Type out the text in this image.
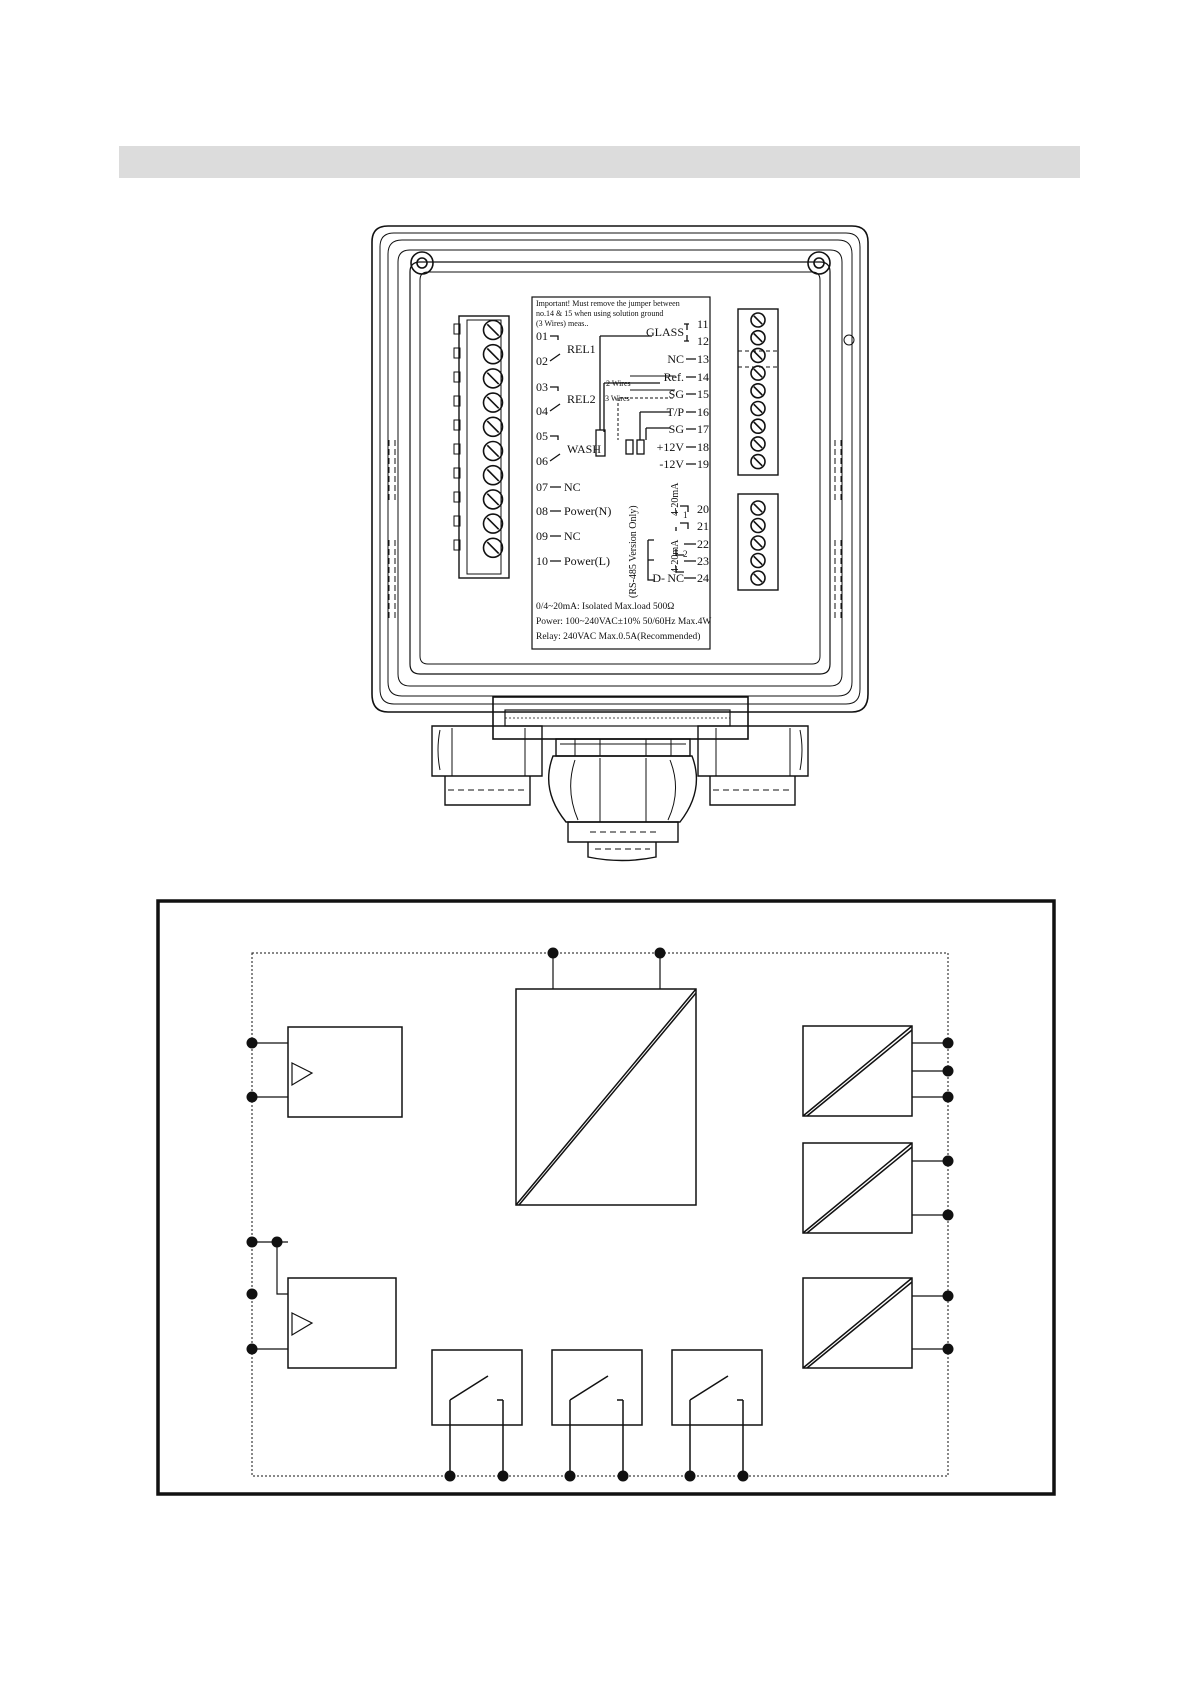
Important! Must remove the jumper between
no.14 & 15 when using solution ground
(3 Wires) meas..
01
02
REL1
03
04
REL2
05
06
WASH
07 NC
08 Power(N)
09 NC
10 Power(L)
GLASS
NC
Ref.
SG
T/P
SG
+12V
-12V
D- NC
11
12
13
14
15
16
17
18
19
20
21
22
23
24
2 Wires
3 Wires
4-20mA
4-20mA
1
2
(RS-485 Version Only)
0/4~20mA: Isolated Max.load 500Ω
Power: 100~240VAC±10% 50/60Hz Max.4W
Relay: 240VAC Max.0.5A(Recommended)
